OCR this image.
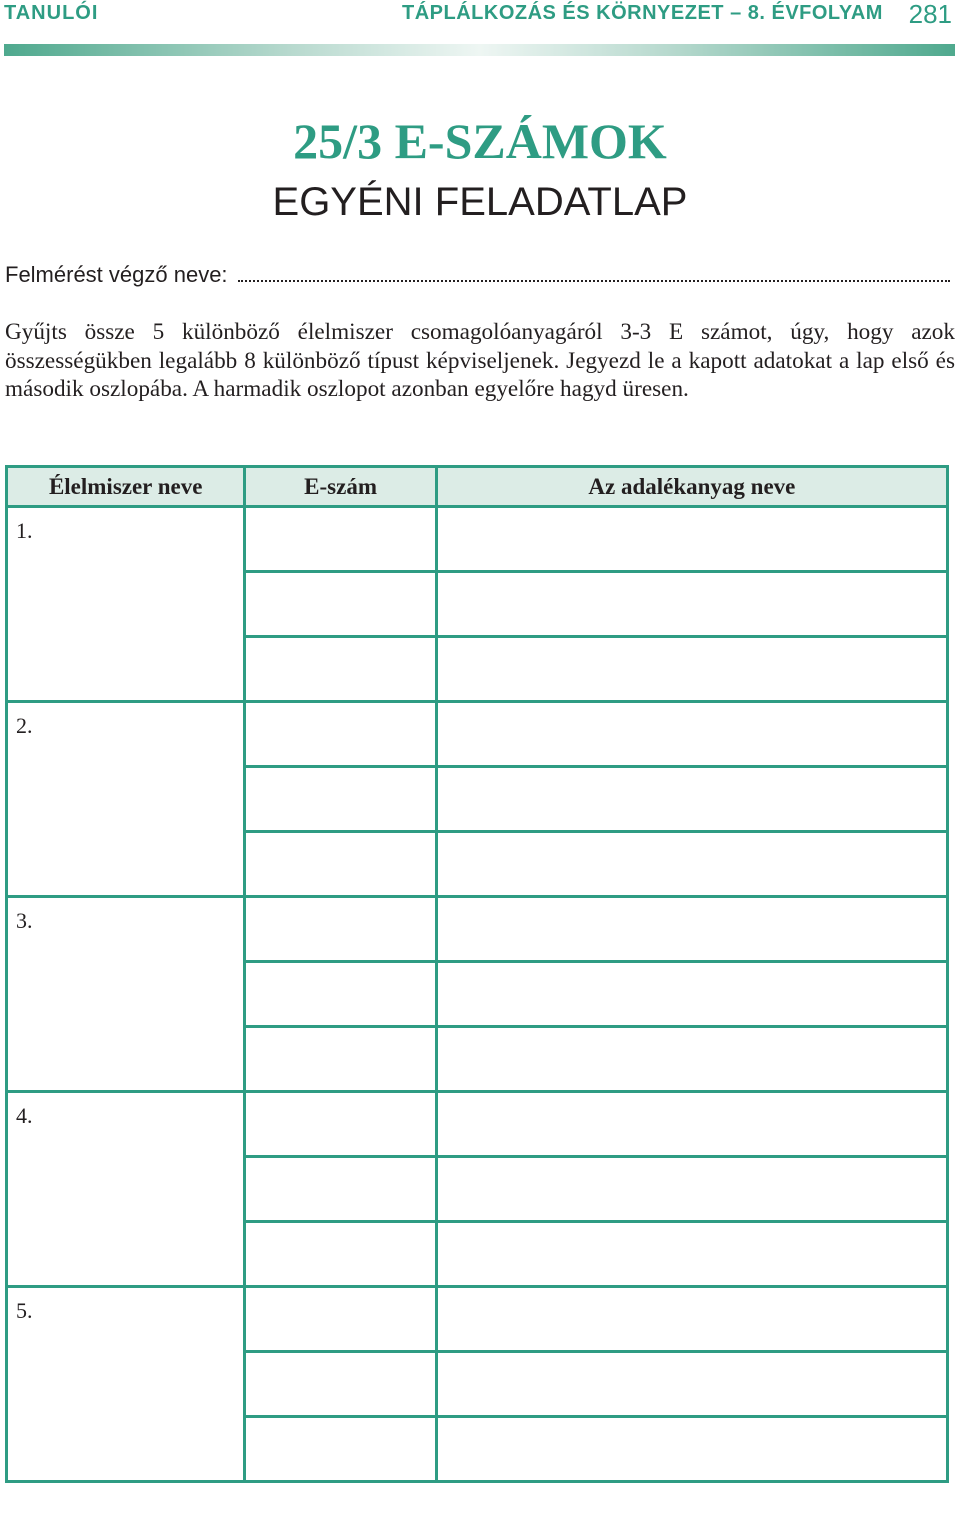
TANULÓI	TÁPLÁLKOZÁS ÉS KÖRNYEZET – 8. ÉVFOLYAM 281
25/3 E-SZÁMOK
EGYÉNI FELADATLAP
Felmérést végző neve:
Gyűjts össze 5 különböző élelmiszer csomagolóanyagáról 3-3 E számot, úgy, hogy azok összességükben legalább 8 különböző típust képviseljenek. Jegyezd le a kapott adatokat a lap első és második oszlopába. A harmadik oszlopot azonban egyelőre hagyd üresen.
Élelmiszer neve	E-szám	Az adalékanyag neve
1.		

2.		

3.		

4.		

5.		
